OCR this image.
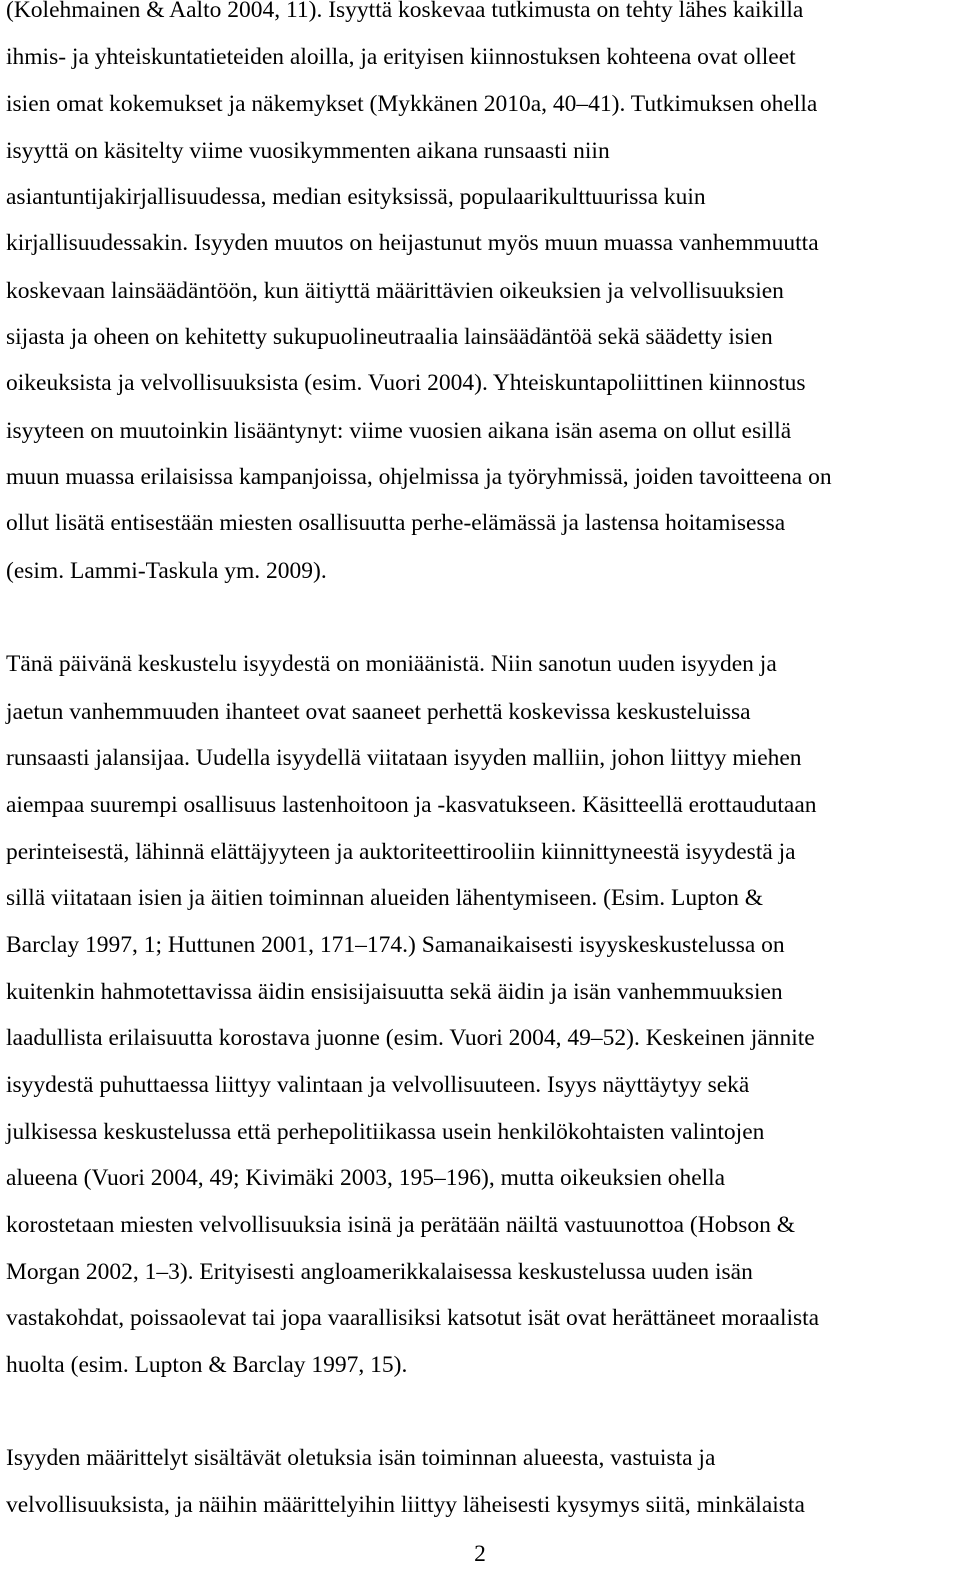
(Kolehmainen & Aalto 2004, 11). Isyyttä koskevaa tutkimusta on tehty lähes kaikilla
ihmis- ja yhteiskuntatieteiden aloilla, ja erityisen kiinnostuksen kohteena ovat olleet
isien omat kokemukset ja näkemykset (Mykkänen 2010a, 40–41). Tutkimuksen ohella
isyyttä on käsitelty viime vuosikymmenten aikana runsaasti niin
asiantuntijakirjallisuudessa, median esityksissä, populaarikulttuurissa kuin
kirjallisuudessakin. Isyyden muutos on heijastunut myös muun muassa vanhemmuutta
koskevaan lainsäädäntöön, kun äitiyttä määrittävien oikeuksien ja velvollisuuksien
sijasta ja oheen on kehitetty sukupuolineutraalia lainsäädäntöä sekä säädetty isien
oikeuksista ja velvollisuuksista (esim. Vuori 2004). Yhteiskuntapoliittinen kiinnostus
isyyteen on muutoinkin lisääntynyt: viime vuosien aikana isän asema on ollut esillä
muun muassa erilaisissa kampanjoissa, ohjelmissa ja työryhmissä, joiden tavoitteena on
ollut lisätä entisestään miesten osallisuutta perhe-elämässä ja lastensa hoitamisessa
(esim. Lammi-Taskula ym. 2009).
Tänä päivänä keskustelu isyydestä on moniäänistä. Niin sanotun uuden isyyden ja
jaetun vanhemmuuden ihanteet ovat saaneet perhettä koskevissa keskusteluissa
runsaasti jalansijaa. Uudella isyydellä viitataan isyyden malliin, johon liittyy miehen
aiempaa suurempi osallisuus lastenhoitoon ja -kasvatukseen. Käsitteellä erottaudutaan
perinteisestä, lähinnä elättäjyyteen ja auktoriteettirooliin kiinnittyneestä isyydestä ja
sillä viitataan isien ja äitien toiminnan alueiden lähentymiseen. (Esim. Lupton &
Barclay 1997, 1; Huttunen 2001, 171–174.) Samanaikaisesti isyyskeskustelussa on
kuitenkin hahmotettavissa äidin ensisijaisuutta sekä äidin ja isän vanhemmuuksien
laadullista erilaisuutta korostava juonne (esim. Vuori 2004, 49–52). Keskeinen jännite
isyydestä puhuttaessa liittyy valintaan ja velvollisuuteen. Isyys näyttäytyy sekä
julkisessa keskustelussa että perhepolitiikassa usein henkilökohtaisten valintojen
alueena (Vuori 2004, 49; Kivimäki 2003, 195–196), mutta oikeuksien ohella
korostetaan miesten velvollisuuksia isinä ja perätään näiltä vastuunottoa (Hobson &
Morgan 2002, 1–3). Erityisesti angloamerikkalaisessa keskustelussa uuden isän
vastakohdat, poissaolevat tai jopa vaarallisiksi katsotut isät ovat herättäneet moraalista
huolta (esim. Lupton & Barclay 1997, 15).
Isyyden määrittelyt sisältävät oletuksia isän toiminnan alueesta, vastuista ja
velvollisuuksista, ja näihin määrittelyihin liittyy läheisesti kysymys siitä, minkälaista
2
